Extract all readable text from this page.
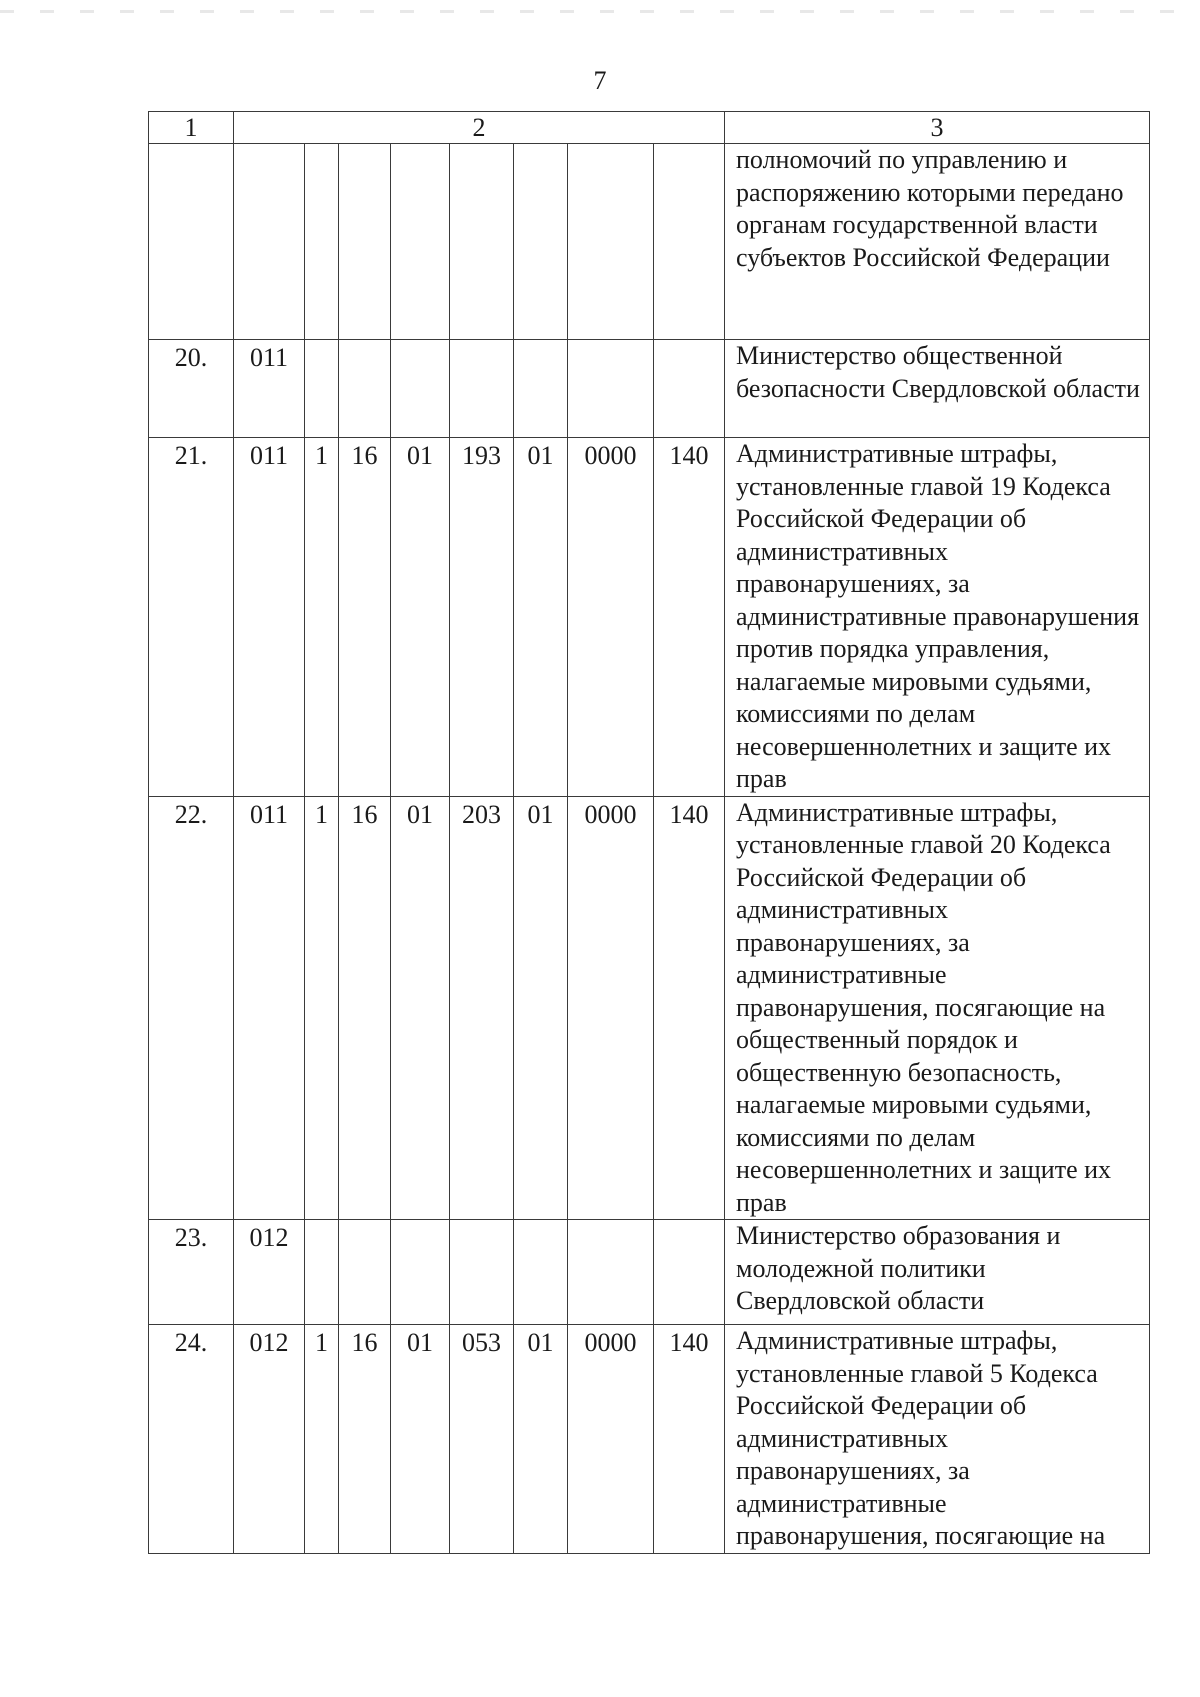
7
1	2								3
									полномочий по управлению и распоряжению которыми передано органам государственной власти субъектов Российской Федерации
20.	011								Министерство общественной безопасности Свердловской области
21.	011	1	16	01	193	01	0000	140	Административные штрафы, установленные главой 19 Кодекса Российской Федерации об административных правонарушениях, за административные правонарушения против порядка управления, налагаемые мировыми судьями, комиссиями по делам несовершеннолетних и защите их прав
22.	011	1	16	01	203	01	0000	140	Административные штрафы, установленные главой 20 Кодекса Российской Федерации об административных правонарушениях, за административные правонарушения, посягающие на общественный порядок и общественную безопасность, налагаемые мировыми судьями, комиссиями по делам несовершеннолетних и защите их прав
23.	012								Министерство образования и молодежной политики Свердловской области
24.	012	1	16	01	053	01	0000	140	Административные штрафы, установленные главой 5 Кодекса Российской Федерации об административных правонарушениях, за административные правонарушения, посягающие на
